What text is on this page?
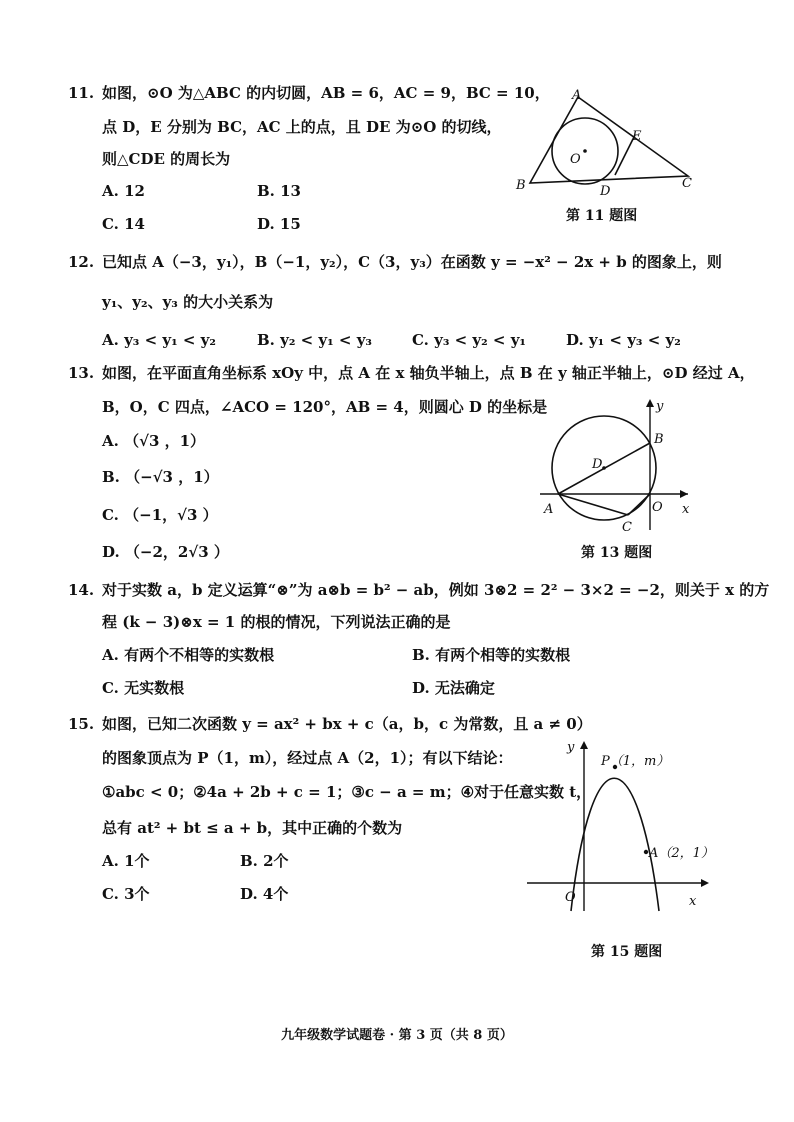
11. 如图，⊙O 为△ABC 的内切圆，AB = 6，AC = 9，BC = 10，
点 D，E 分别为 BC，AC 上的点，且 DE 为⊙O 的切线，
则△CDE 的周长为
A. 12	B. 13
C. 14	D. 15
A
B	C
D
E
O
第 11 题图
12. 已知点 A（−3，y₁），B（−1，y₂），C（3，y₃）在函数 y = −x² − 2x + b 的图象上，则
y₁、y₂、y₃ 的大小关系为
A. y₃ < y₁ < y₂	B. y₂ < y₁ < y₃	C. y₃ < y₂ < y₁	D. y₁ < y₃ < y₂
13. 如图，在平面直角坐标系 xOy 中，点 A 在 x 轴负半轴上，点 B 在 y 轴正半轴上，⊙D 经过 A，
B，O，C 四点，∠ACO = 120°，AB = 4，则圆心 D 的坐标是
A. （√3 ，1）
B. （−√3 ，1）
C. （−1，√3 ）
D. （−2，2√3 ）
y
B
D
A	O x
C
第 13 题图
14. 对于实数 a，b 定义运算“⊗”为 a⊗b = b² − ab，例如 3⊗2 = 2² − 3×2 = −2，则关于 x 的方
程 (k − 3)⊗x = 1 的根的情况，下列说法正确的是
A. 有两个不相等的实数根	B. 有两个相等的实数根
C. 无实数根	D. 无法确定
15. 如图，已知二次函数 y = ax² + bx + c（a，b，c 为常数，且 a ≠ 0）
的图象顶点为 P（1，m），经过点 A（2，1）；有以下结论：
①abc < 0；②4a + 2b + c = 1；③c − a = m；④对于任意实数 t，
总有 at² + bt ≤ a + b，其中正确的个数为
A. 1个	B. 2个
C. 3个	D. 4个
y
P（1，m）
A（2，1）
O	x
第 15 题图
九年级数学试题卷 · 第 3 页（共 8 页）
